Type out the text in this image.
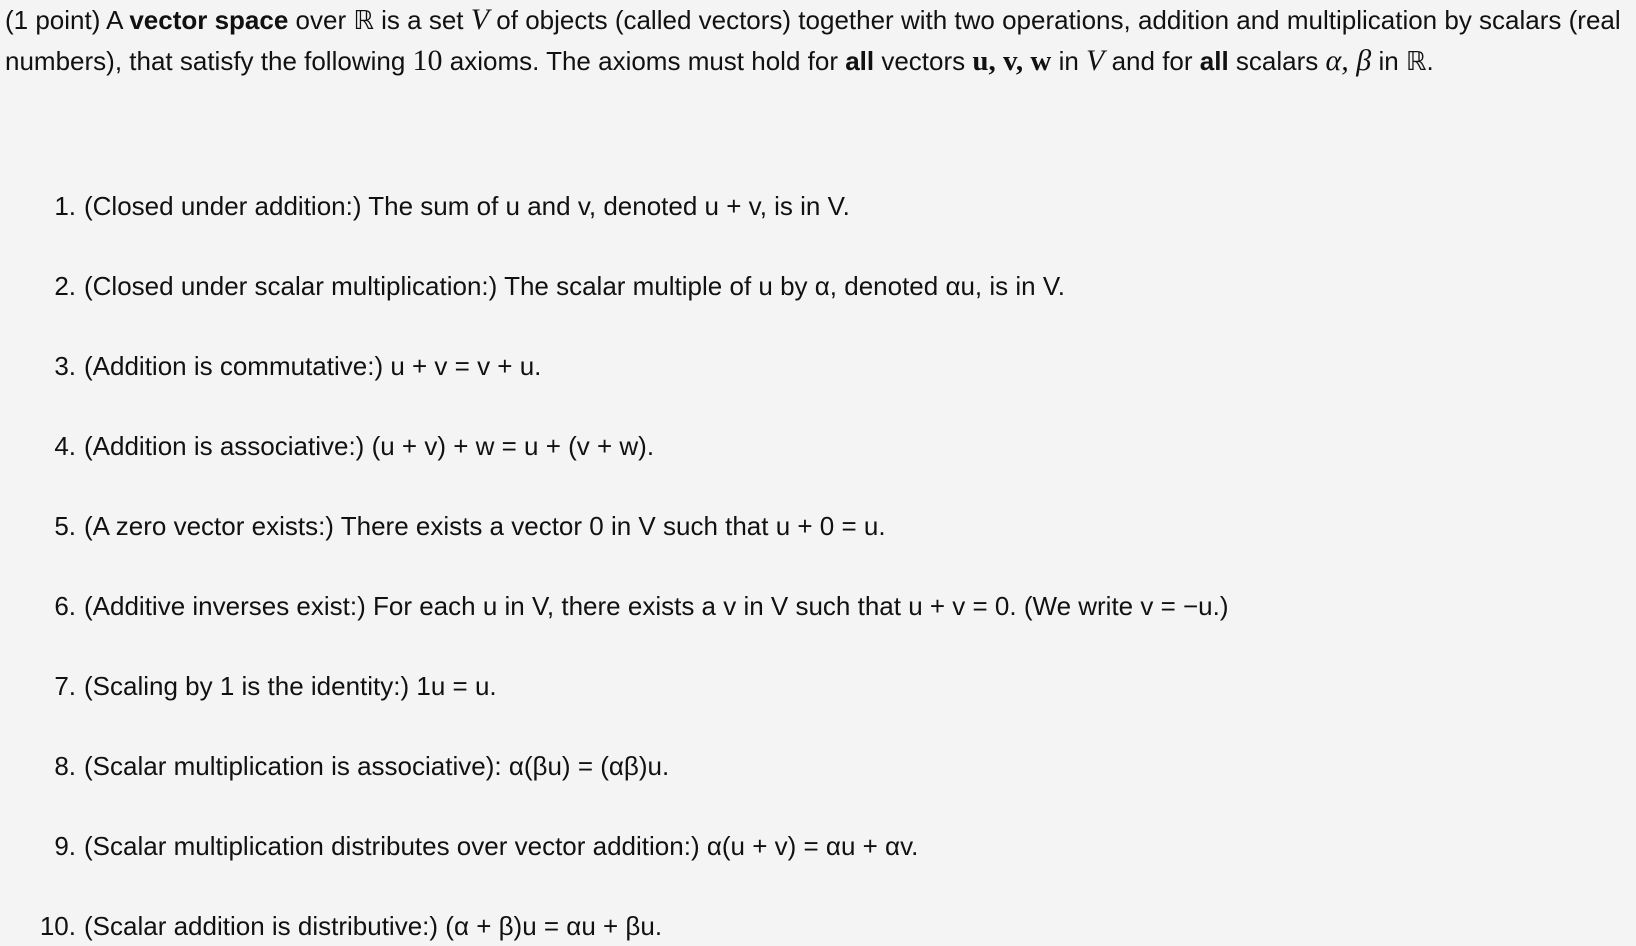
(1 point) A vector space over ℝ is a set V of objects (called vectors) together with two operations, addition and multiplication by scalars (real numbers), that satisfy the following 10 axioms. The axioms must hold for all vectors u, v, w in V and for all scalars α, β in ℝ.

1. (Closed under addition:) The sum of u and v, denoted u + v, is in V.
2. (Closed under scalar multiplication:) The scalar multiple of u by α, denoted αu, is in V.
3. (Addition is commutative:) u + v = v + u.
4. (Addition is associative:) (u + v) + w = u + (v + w).
5. (A zero vector exists:) There exists a vector 0 in V such that u + 0 = u.
6. (Additive inverses exist:) For each u in V, there exists a v in V such that u + v = 0. (We write v = −u.)
7. (Scaling by 1 is the identity:) 1u = u.
8. (Scalar multiplication is associative): α(βu) = (αβ)u.
9. (Scalar multiplication distributes over vector addition:) α(u + v) = αu + αv.
10. (Scalar addition is distributive:) (α + β)u = αu + βu.
